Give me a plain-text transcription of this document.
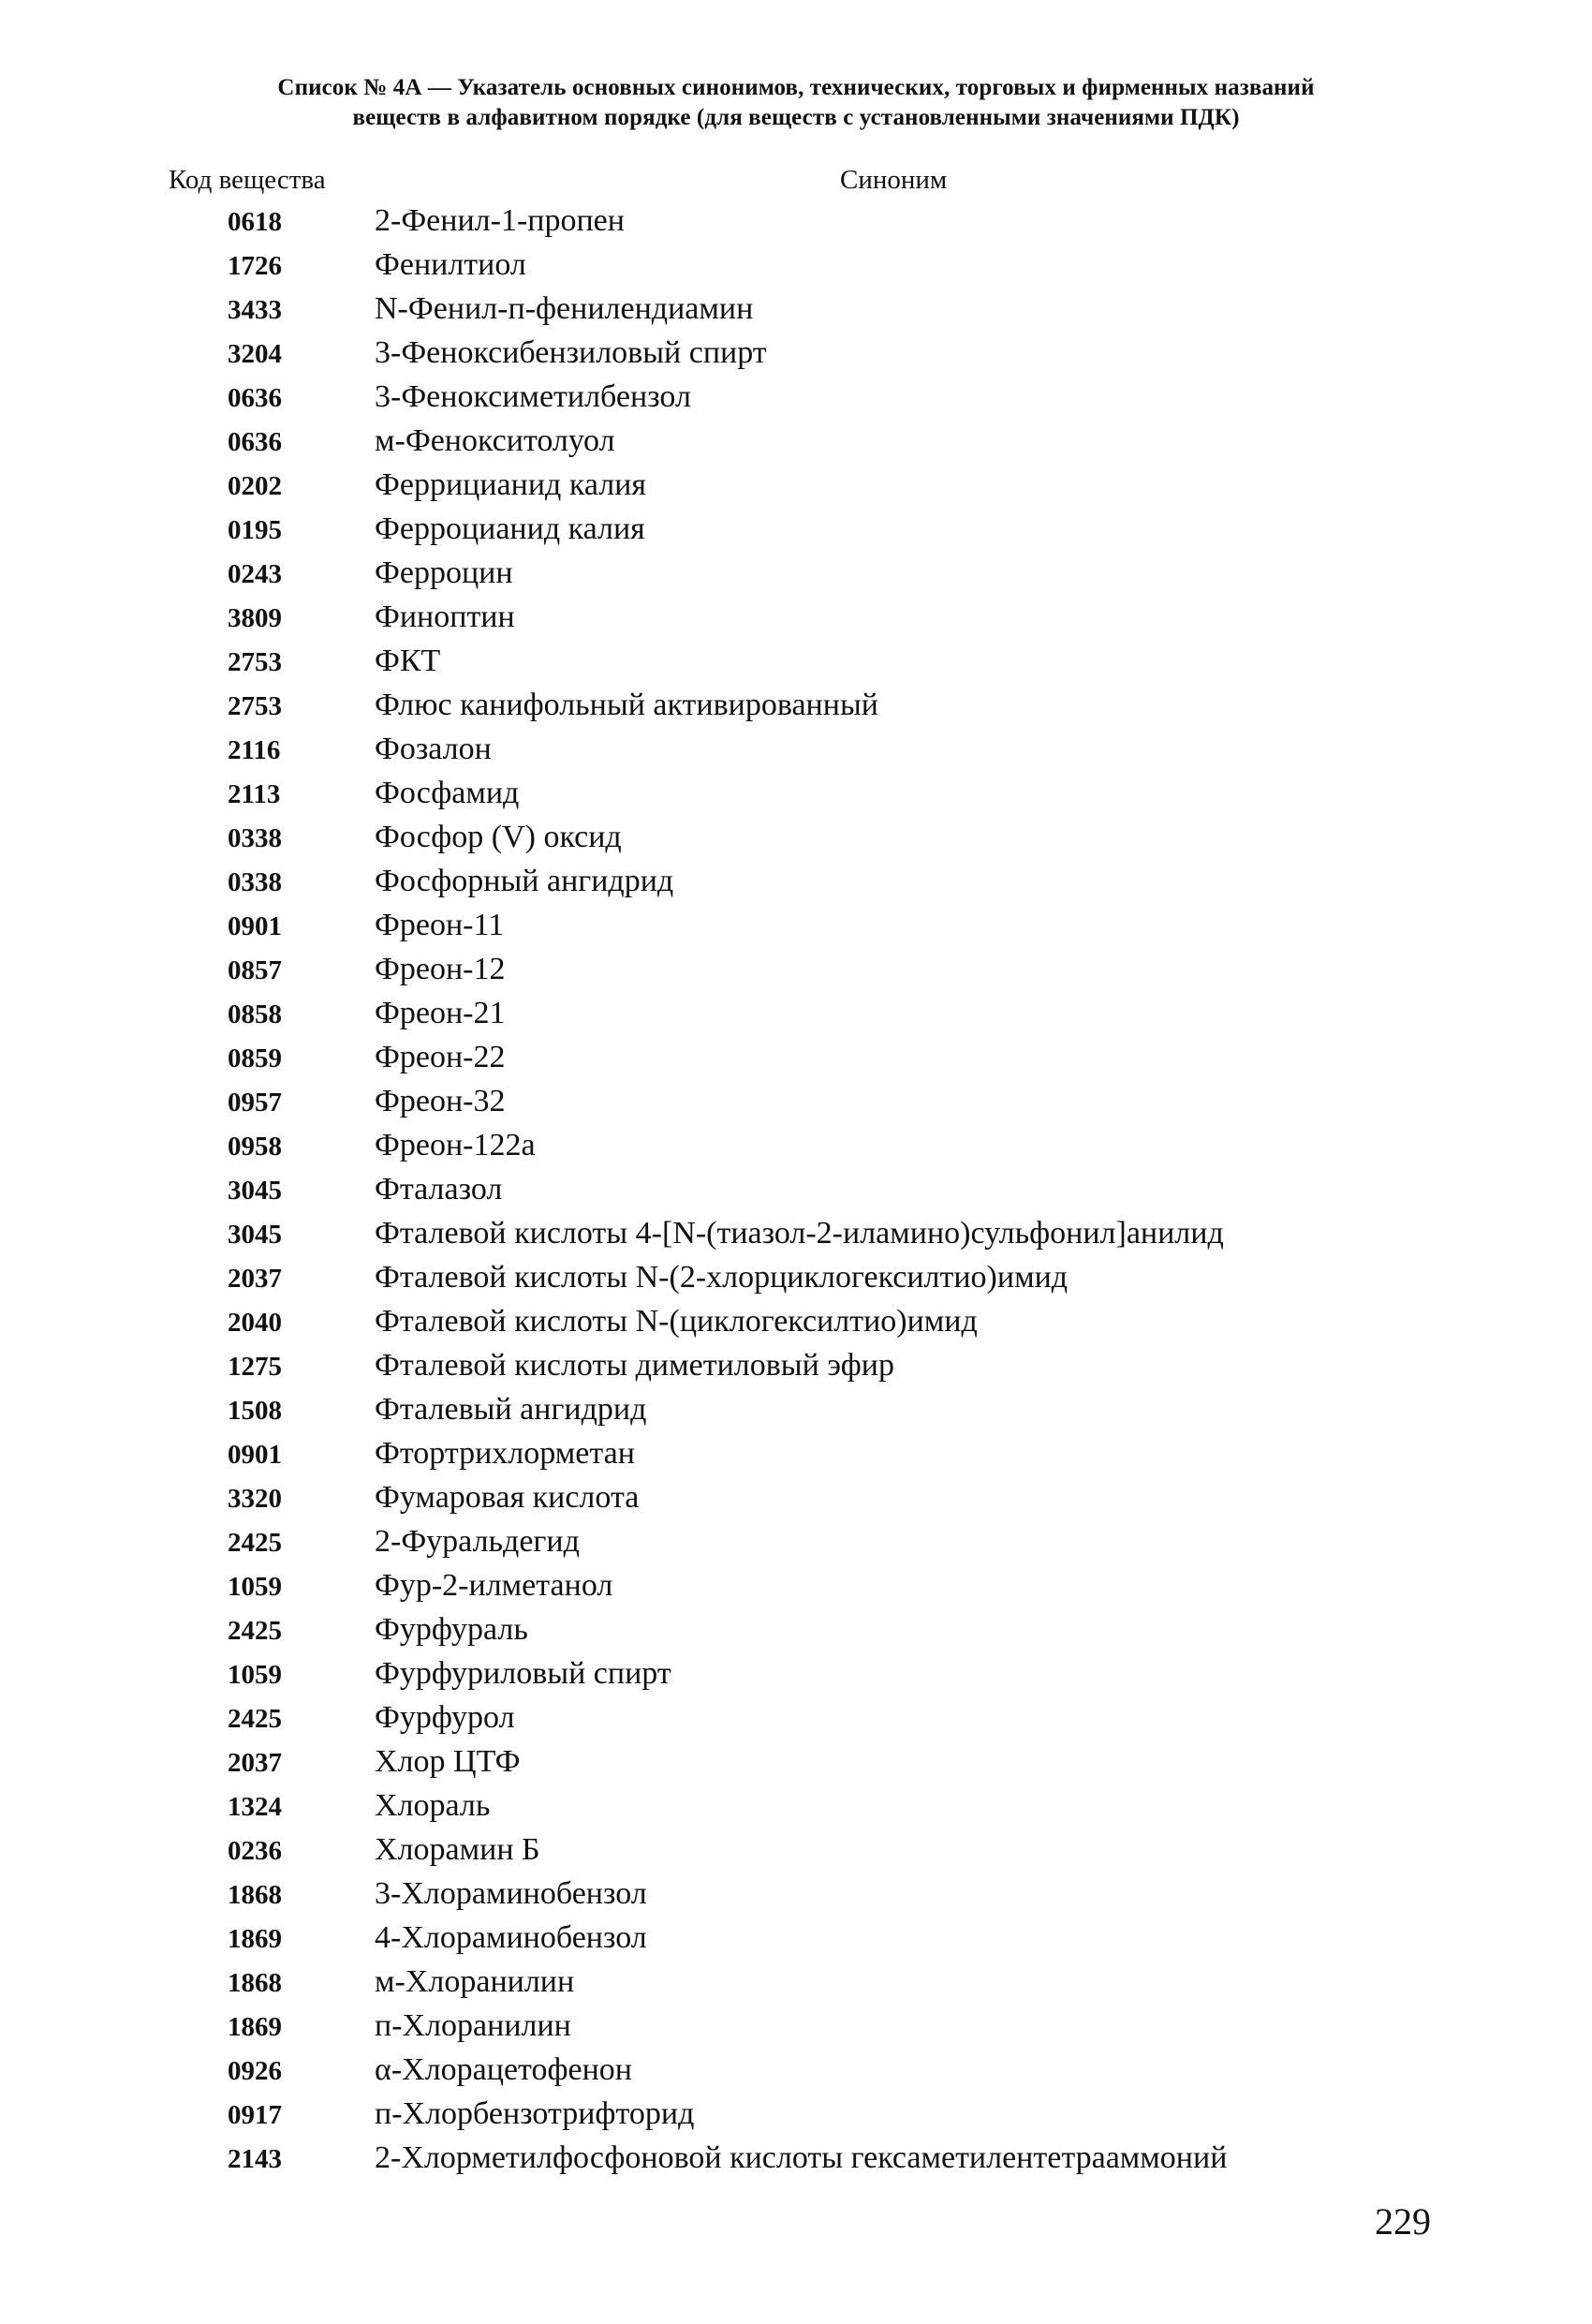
Список № 4А — Указатель основных синонимов, технических, торговых и фирменных названий
веществ в алфавитном порядке (для веществ с установленными значениями ПДК)
Код вещества	Синоним
0618	2-Фенил-1-пропен
1726	Фенилтиол
3433	N-Фенил-п-фенилендиамин
3204	3-Феноксибензиловый спирт
0636	3-Феноксиметилбензол
0636	м-Фенокситолуол
0202	Феррицианид калия
0195	Ферроцианид калия
0243	Ферроцин
3809	Финоптин
2753	ФКТ
2753	Флюс канифольный активированный
2116	Фозалон
2113	Фосфамид
0338	Фосфор (V) оксид
0338	Фосфорный ангидрид
0901	Фреон-11
0857	Фреон-12
0858	Фреон-21
0859	Фреон-22
0957	Фреон-32
0958	Фреон-122а
3045	Фталазол
3045	Фталевой кислоты 4-[N-(тиазол-2-иламино)сульфонил]анилид
2037	Фталевой кислоты N-(2-хлорциклогексилтио)имид
2040	Фталевой кислоты N-(циклогексилтио)имид
1275	Фталевой кислоты диметиловый эфир
1508	Фталевый ангидрид
0901	Фтортрихлорметан
3320	Фумаровая кислота
2425	2-Фуральдегид
1059	Фур-2-илметанол
2425	Фурфураль
1059	Фурфуриловый спирт
2425	Фурфурол
2037	Хлор ЦТФ
1324	Хлораль
0236	Хлорамин Б
1868	3-Хлораминобензол
1869	4-Хлораминобензол
1868	м-Хлоранилин
1869	п-Хлоранилин
0926	α-Хлорацетофенон
0917	п-Хлорбензотрифторид
2143	2-Хлорметилфосфоновой кислоты гексаметилентетрааммоний
229
